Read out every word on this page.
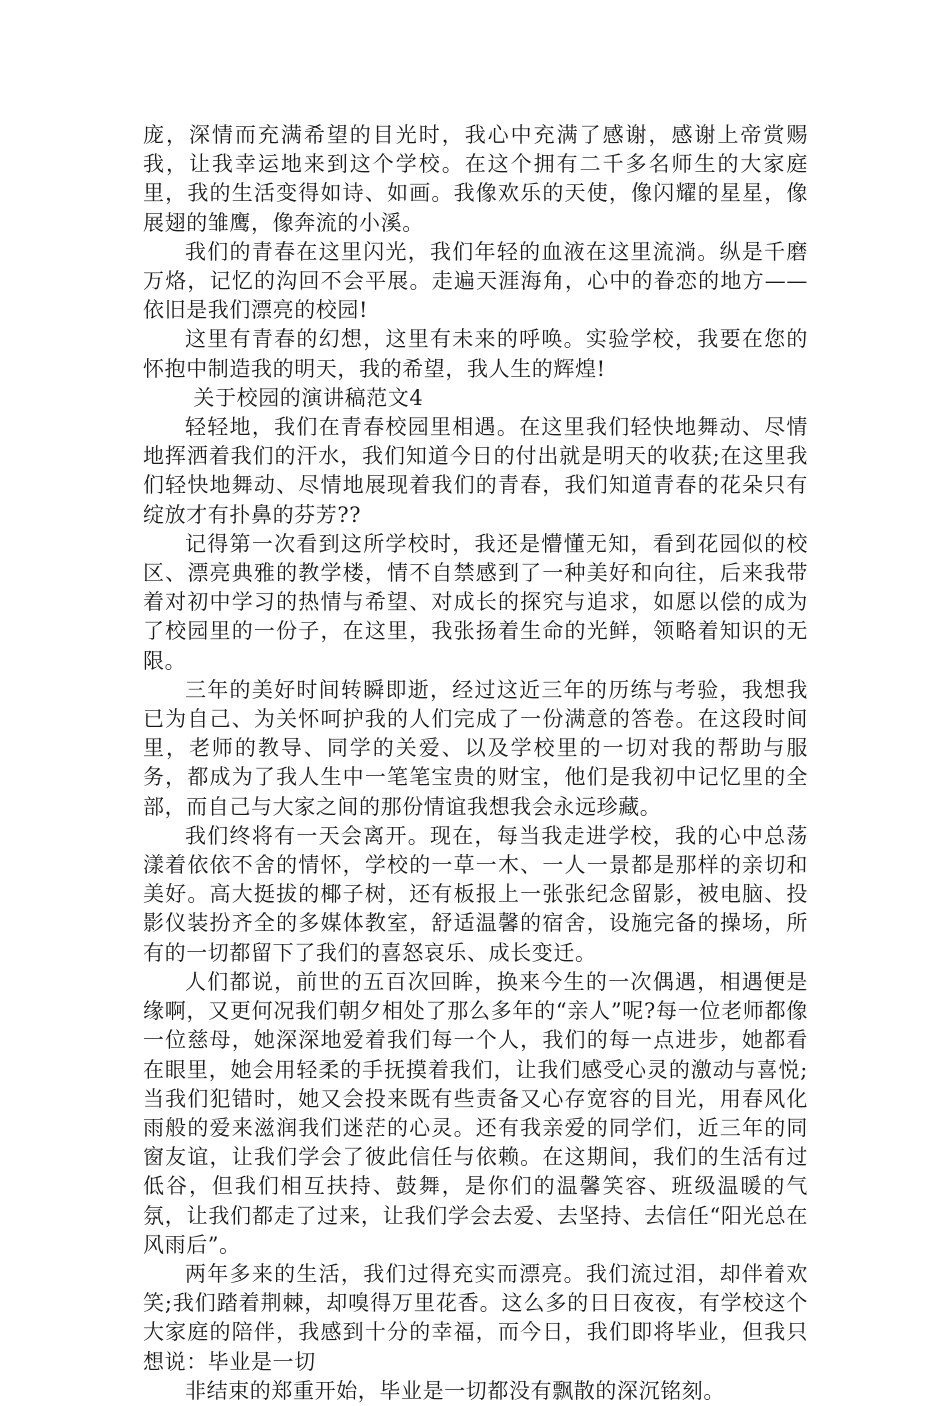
庞，深情而充满希望的目光时，我心中充满了感谢，感谢上帝赏赐我，让我幸运地来到这个学校。在这个拥有二千多名师生的大家庭里，我的生活变得如诗、如画。我像欢乐的天使，像闪耀的星星，像展翅的雏鹰，像奔流的小溪。

我们的青春在这里闪光，我们年轻的血液在这里流淌。纵是千磨万烙，记忆的沟回不会平展。走遍天涯海角，心中的眷恋的地方——依旧是我们漂亮的校园!

这里有青春的幻想，这里有未来的呼唤。实验学校，我要在您的怀抱中制造我的明天，我的希望，我人生的辉煌!

关于校园的演讲稿范文4

轻轻地，我们在青春校园里相遇。在这里我们轻快地舞动、尽情地挥洒着我们的汗水，我们知道今日的付出就是明天的收获;在这里我们轻快地舞动、尽情地展现着我们的青春，我们知道青春的花朵只有绽放才有扑鼻的芬芳??

记得第一次看到这所学校时，我还是懵懂无知，看到花园似的校区、漂亮典雅的教学楼，情不自禁感到了一种美好和向往，后来我带着对初中学习的热情与希望、对成长的探究与追求，如愿以偿的成为了校园里的一份子，在这里，我张扬着生命的光鲜，领略着知识的无限。

三年的美好时间转瞬即逝，经过这近三年的历练与考验，我想我已为自己、为关怀呵护我的人们完成了一份满意的答卷。在这段时间里，老师的教导、同学的关爱、以及学校里的一切对我的帮助与服务，都成为了我人生中一笔笔宝贵的财宝，他们是我初中记忆里的全部，而自己与大家之间的那份情谊我想我会永远珍藏。

我们终将有一天会离开。现在，每当我走进学校，我的心中总荡漾着依依不舍的情怀，学校的一草一木、一人一景都是那样的亲切和美好。高大挺拔的椰子树，还有板报上一张张纪念留影，被电脑、投影仪装扮齐全的多媒体教室，舒适温馨的宿舍，设施完备的操场，所有的一切都留下了我们的喜怒哀乐、成长变迁。

人们都说，前世的五百次回眸，换来今生的一次偶遇，相遇便是缘啊，又更何况我们朝夕相处了那么多年的“亲人”呢?每一位老师都像一位慈母，她深深地爱着我们每一个人，我们的每一点进步，她都看在眼里，她会用轻柔的手抚摸着我们，让我们感受心灵的激动与喜悦;当我们犯错时，她又会投来既有些责备又心存宽容的目光，用春风化雨般的爱来滋润我们迷茫的心灵。还有我亲爱的同学们，近三年的同窗友谊，让我们学会了彼此信任与依赖。在这期间，我们的生活有过低谷，但我们相互扶持、鼓舞，是你们的温馨笑容、班级温暖的气氛，让我们都走了过来，让我们学会去爱、去坚持、去信任“阳光总在风雨后”。

两年多来的生活，我们过得充实而漂亮。我们流过泪，却伴着欢笑;我们踏着荆棘，却嗅得万里花香。这么多的日日夜夜，有学校这个大家庭的陪伴，我感到十分的幸福，而今日，我们即将毕业，但我只想说：毕业是一切

非结束的郑重开始，毕业是一切都没有飘散的深沉铭刻。
